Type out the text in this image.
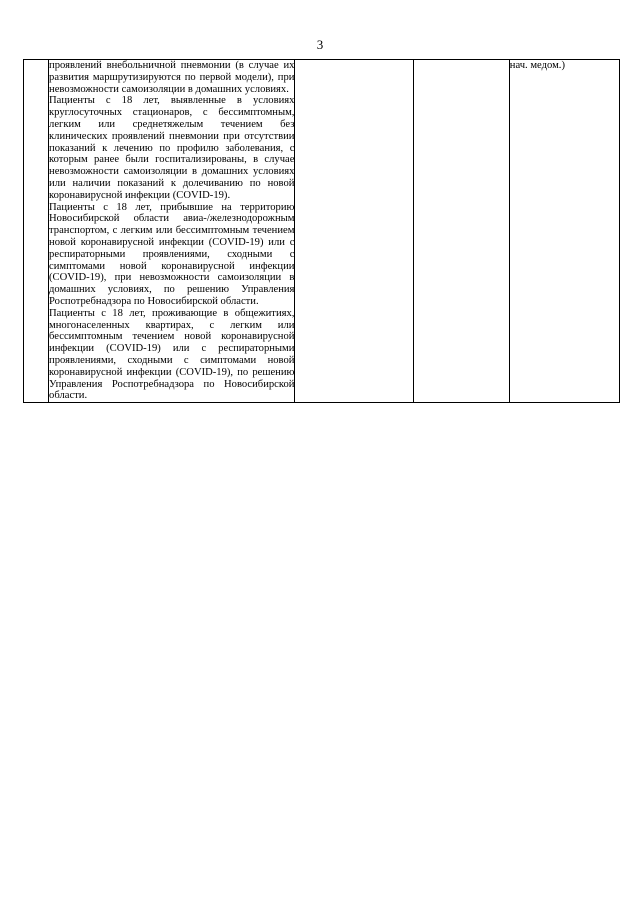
3

проявлений внебольничной пневмонии (в случае их развития маршрутизируются по первой модели), при невозможности самоизоляции в домашних условиях.

Пациенты с 18 лет, выявленные в условиях круглосуточных стационаров, с бессимптомным, легким или среднетяжелым течением без клинических проявлений пневмонии при отсутствии показаний к лечению по профилю заболевания, с которым ранее были госпитализированы, в случае невозможности самоизоляции в домашних условиях или наличии показаний к долечиванию по новой коронавирусной инфекции (COVID-19).

Пациенты с 18 лет, прибывшие на территорию Новосибирской области авиа-/железнодорожным транспортом, с легким или бессимптомным течением новой коронавирусной инфекции (COVID-19) или с респираторными проявлениями, сходными с симптомами новой коронавирусной инфекции (COVID-19), при невозможности самоизоляции в домашних условиях, по решению Управления Роспотребнадзора по Новосибирской области.

Пациенты с 18 лет, проживающие в общежитиях, многонаселенных квартирах, с легким или бессимптомным течением новой коронавирусной инфекции (COVID-19) или с респираторными проявлениями, сходными с симптомами новой коронавирусной инфекции (COVID-19), по решению Управления Роспотребнадзора по Новосибирской области.

			нач. медом.)
